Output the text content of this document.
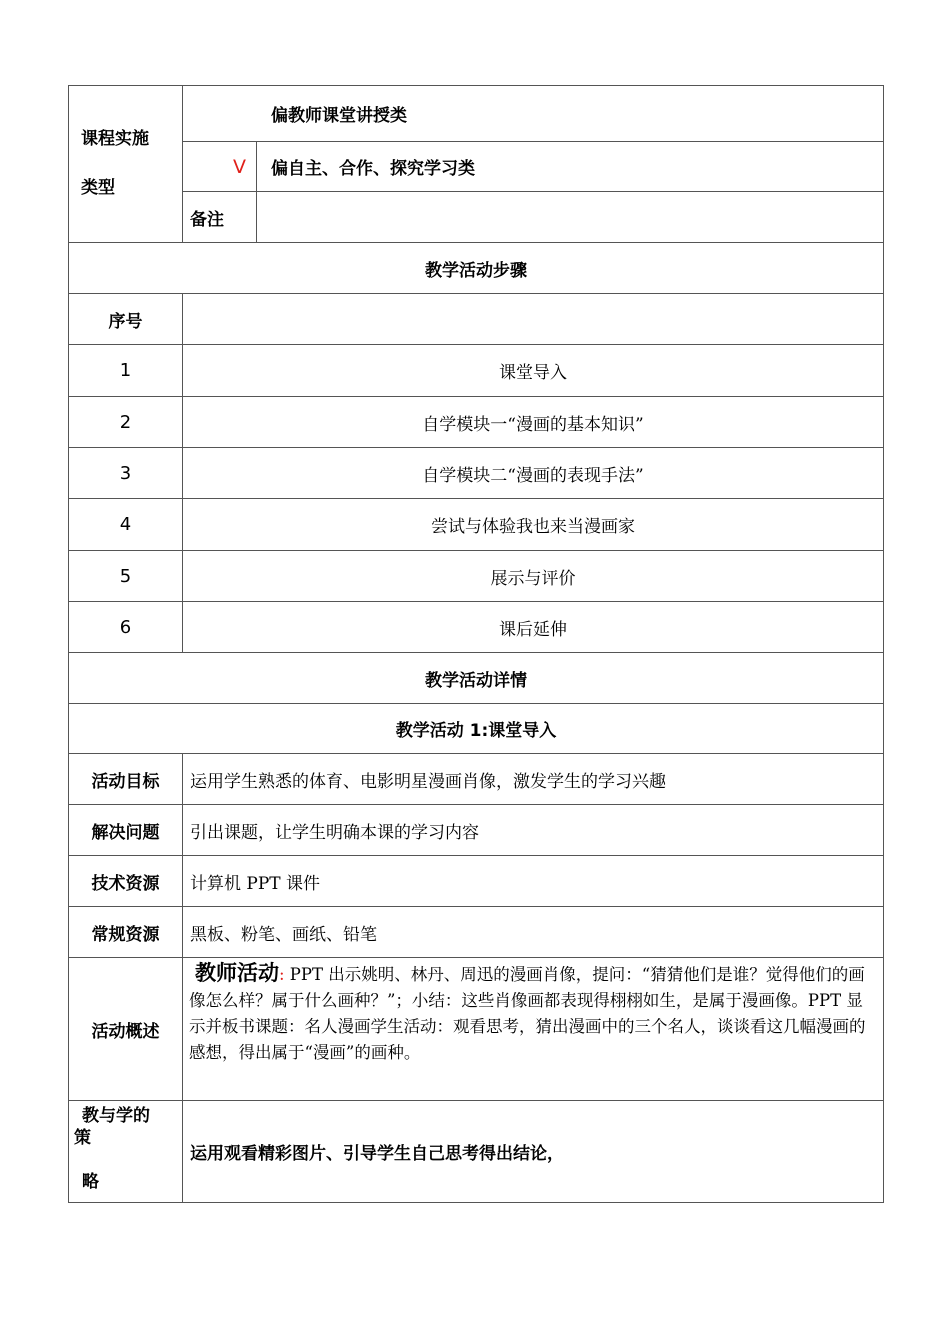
课程实施
类型	偏教师课堂讲授类	
	V	偏自主、合作、探究学习类
	备注	
教学活动步骤		
序号		
1	课堂导入	
2	自学模块一“漫画的基本知识”	
3	自学模块二“漫画的表现手法”	
4	尝试与体验我也来当漫画家	
5	展示与评价	
6	课后延伸	
教学活动详情		
教学活动 1:课堂导入		
活动目标	运用学生熟悉的体育、电影明星漫画肖像，激发学生的学习兴趣	
解决问题	引出课题，让学生明确本课的学习内容	
技术资源	计算机 PPT 课件	
常规资源	黑板、粉笔、画纸、铅笔	
活动概述	教师活动: PPT 出示姚明、林丹、周迅的漫画肖像，提问：“猜猜他们是谁？觉得他们的画像怎么样？属于什么画种？”；小结：这些肖像画都表现得栩栩如生，是属于漫画像。PPT 显示并板书课题：名人漫画学生活动：观看思考，猜出漫画中的三个名人，谈谈看这几幅漫画的感想，得出属于“漫画”的画种。	

教与学的
策
略	运用观看精彩图片、引导学生自己思考得出结论，	
